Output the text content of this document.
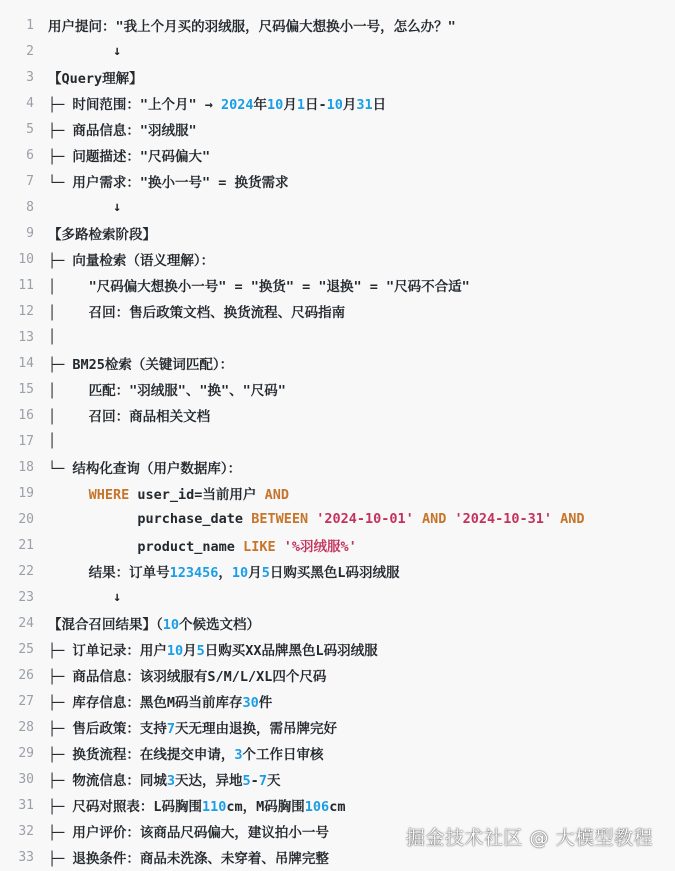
1 用户提问："我上个月买的羽绒服，尺码偏大想换小一号，怎么办？"
2 ↓
3 【Query理解】
4 ├─ 时间范围："上个月" → 2024年10月1日-10月31日
5 ├─ 商品信息："羽绒服"
6 ├─ 问题描述："尺码偏大"
7 └─ 用户需求："换小一号" = 换货需求
8 ↓
9 【多路检索阶段】
10 ├─ 向量检索（语义理解）：
11 │    "尺码偏大想换小一号" = "换货" = "退换" = "尺码不合适"
12 │    召回：售后政策文档、换货流程、尺码指南
13 │
14 ├─ BM25检索（关键词匹配）：
15 │    匹配："羽绒服"、"换"、"尺码"
16 │    召回：商品相关文档
17 │
18 └─ 结构化查询（用户数据库）：
19	WHERE user_id=当前用户 AND
20 purchase_date BETWEEN '2024-10-01' AND '2024-10-31' AND
21 product_name LIKE '%羽绒服%'
22 结果：订单号123456，10月5日购买黑色L码羽绒服
23 ↓
24 【混合召回结果】（10个候选文档）
25 ├─ 订单记录：用户10月5日购买XX品牌黑色L码羽绒服
26 ├─ 商品信息：该羽绒服有S/M/L/XL四个尺码
27 ├─ 库存信息：黑色M码当前库存30件
28 ├─ 售后政策：支持7天无理由退换，需吊牌完好
29 ├─ 换货流程：在线提交申请，3个工作日审核
30 ├─ 物流信息：同城3天达，异地5-7天
31 ├─ 尺码对照表：L码胸围110cm，M码胸围106cm
32 ├─ 用户评价：该商品尺码偏大，建议拍小一号
33 ├─ 退换条件：商品未洗涤、未穿着、吊牌完整
掘金技术社区 @ 大模型教程
